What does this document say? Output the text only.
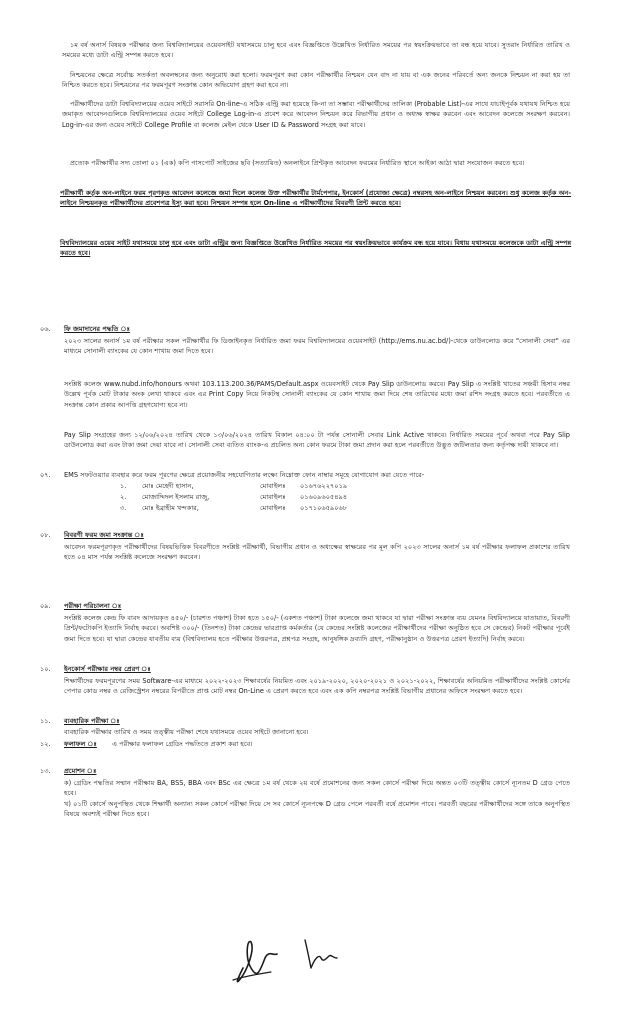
১ম বর্ষ অনার্স বিষয়ক পরীক্ষার জন্য বিশ্ববিদ্যালয়ের ওয়েবসাইট যথাসময়ে চালু হবে এবং বিজ্ঞপ্তিতে উল্লেখিত নির্ধারিত সময়ের পর স্বয়ংক্রিয়ভাবে তা বন্ধ হয়ে যাবে। সুতরাং নির্ধারিত তারিখ ও সময়ের মধ্যে ডাটা এন্ট্রি সম্পন্ন করতে হবে।

নিশ্চয়নের ক্ষেত্রে সর্বোচ্চ সতর্কতা অবলম্বনের জন্য অনুরোধ করা হলো। ফরমপূরণ করা কোন পরীক্ষার্থীর নিশ্চয়ন যেন বাদ না যায় বা এক জনের পরিবর্তে অন্য জনকে নিশ্চয়ন না করা হয় তা নিশ্চিত করতে হবে। নিশ্চয়নের পর ফরমপূরণ সংক্রান্ত কোন অভিযোগ গ্রহণ করা হবে না।

পরীক্ষার্থীদের ডাটা বিশ্ববিদ্যালয়ের ওয়েব সাইটে সরাসরি On-line-এ সঠিক এন্ট্রি করা হয়েছে কি-না তা সম্ভাব্য পরীক্ষার্থীদের তালিকা (Probable List)-এর সাথে যাচাইপূর্বক যথাযথ নিশ্চিত হয়ে জমাকৃত আবেদনগুলিকে বিশ্ববিদ্যালয়ের ওয়েব সাইটে College Log-in-এ প্রবেশ করে আবেদন নিশ্চয়ন করে বিভাগীয় প্রধান ও অধ্যক্ষ স্বাক্ষর করবেন এবং আবেদন কলেজে সংরক্ষণ করবেন। Log-in-এর জন্য ওয়েব সাইটে College Profile বা কলেজ মেইল থেকে User ID & Password সংগ্রহ করা যাবে।

প্রত্যেক পরীক্ষার্থীর সদ্য তোলা ০১ (এক) কপি পাসপোর্ট সাইজের ছবি (সত্যায়িত) অনলাইনে প্রিন্টকৃত আবেদন ফরমের নির্ধারিত স্থানে আইকা আঠা দ্বারা সংযোজন করতে হবে।

পরীক্ষার্থী কর্তৃক অন-লাইনে ফরম পূরণকৃত আবেদন কলেজে জমা দিলে কলেজ উক্ত পরীক্ষার্থীর টার্মপেপার, ইনকোর্স (প্রযোজ্য ক্ষেত্রে) নম্বরসহ অন-লাইনে নিশ্চয়ন করবেন। শুধু কলেজ কর্তৃক অন-লাইনে নিশ্চয়নকৃত পরীক্ষার্থীদের প্রবেশপত্র ইস্যু করা হবে। নিশ্চয়ন সম্পন্ন হলে On-line এ পরীক্ষার্থীদের বিবরণী প্রিন্ট করতে হবে।
বিশ্ববিদ্যালয়ের ওয়েব সাইট যথাসময়ে চালু হবে এবং ডাটা এন্ট্রির জন্য বিজ্ঞপ্তিতে উল্লেখিত নির্ধারিত সময়ের পর স্বয়ংক্রিয়ভাবে কার্যক্রম বন্ধ হয়ে যাবে। বিধায় যথাসময়ে কলেজকে ডাটা এন্ট্রি সম্পন্ন করতে হবে।
০৬.	ফি জমাদানের পদ্ধতি ঃ
২০২৩ সালের অনার্স ১ম বর্ষ পরীক্ষার সকল পরীক্ষার্থীর ফি ডিজাইনকৃত নির্ধারিত জমা ফরম বিশ্ববিদ্যালয়ের ওয়েবসাইট (http://ems.nu.ac.bd/)-থেকে ডাউনলোড করে "সোনালী সেবা" এর মাধ্যমে সোনালী ব্যাংকের যে কোন শাখায় জমা দিতে হবে।
সংশ্লিষ্ট কলেজ www.nubd.info/honours অথবা 103.113.200.36/PAMS/Default.aspx ওয়েবসাইট থেকে Pay Slip ডাউনলোড করবে। Pay Slip এ সংশ্লিষ্ট খাতের সঞ্চয়ী হিসাব নম্বর উল্লেখ পূর্বক মোট টাকার অংক লেখা থাকবে এবং এর Print Copy নিয়ে নিকটস্থ সোনালী ব্যাংকের যে কোন শাখায় জমা দিয়ে শেষ তারিখের মধ্যে জমা রশিদ সংগ্রহ করতে হবে। পরবর্তীতে এ সংক্রান্ত কোন প্রকার আপত্তি গ্রহণযোগ্য হবে না।
Pay Slip সংগ্রহের জন্য ১২/০৬/২০২৪ তারিখ থেকে ১৩/০৬/২০২৪ তারিখ বিকাল ০৪:০০ টা পর্যন্ত সোনালী সেবার Link Active থাকবে। নির্ধারিত সময়ের পূর্বে অথবা পরে Pay Slip ডাউনলোড করা এবং টাকা জমা দেয়া যাবে না। সোনালী সেবা ব্যতিত ব্যাংক-এ প্রচলিত অন্য কোন ফরমে টাকা জমা প্রদান করা হলে পরবর্তীতে উদ্ভূত জটিলতার জন্য কর্তৃপক্ষ দায়ী থাকবে না।
০৭.	EMS সফটওয়্যার ব্যবহার করে ফরম পূরণের ক্ষেত্রে প্রয়োজনীয় সহযোগিতার লক্ষ্যে নিম্নোক্ত ফোন নাম্বার সমূহে যোগাযোগ করা যেতে পারে-
১.	মোঃ মেহেদী হাসান,	মোবাইলঃ	০১৬৭৬২২৭০১৯
২.	মোজাদ্দিদল ইসলাম রাজু,	মোবাইলঃ	০১৬০৯৬০৫৪৯৪
৩.	মোঃ ইব্রাহীম খন্দকার,	মোবাইলঃ	০১৭১০৬৫৯০৬৮
০৮.	বিবরণী ফরম জমা সংক্রান্ত ঃ
আবেদন ফরমপূরণকৃত পরীক্ষার্থীদের বিষয়ভিত্তিক বিবরণীতে সংশ্লিষ্ট পরীক্ষার্থী, বিভাগীয় প্রধান ও অধ্যক্ষের স্বাক্ষরের পর মূল কপি ২০২৩ সালের অনার্স ১ম বর্ষ পরীক্ষার ফলাফল প্রকাশের তারিখ হতে ০৪ মাস পর্যন্ত সংশ্লিষ্ট কলেজে সংরক্ষণ করবেন।
০৯.	পরীক্ষা পরিচালনা ঃ
সংশ্লিষ্ট কলেজ কেন্দ্র ফি বাবদ আদায়কৃত ৪৫০/- (চারশত পঞ্চাশ) টাকা হতে ১৫০/- (একশত পঞ্চাশ) টাকা কলেজে জমা থাকবে যা দ্বারা পরীক্ষা সংক্রান্ত ব্যয় যেমনঃ বিশ্ববিদ্যালয়ে যাতায়াত, বিবরণী প্রিন্ট/ফটোকপি ইত্যাদি নির্বাহ করবে। অবশিষ্ট ৩০০/- (তিনশত) টাকা কেন্দ্রের ভারপ্রাপ্ত কর্মকর্তার (যে কেন্দ্রের সংশ্লিষ্ট কলেজের পরীক্ষার্থীদের পরীক্ষা অনুষ্ঠিত হবে সে কেন্দ্রের) নিকট পরীক্ষার পূর্বেই জমা দিতে হবে। যা দ্বারা কেন্দ্রের যাবতীয় ব্যয় (বিশ্ববিদ্যালয় হতে পরীক্ষার উত্তরপত্র, প্রশ্নপত্র সংগ্রহ, আনুষঙ্গিক দ্রব্যাদি গ্রহণ, পরীক্ষানুষ্ঠান ও উত্তরপত্র প্রেরণ ইত্যাদি) নির্বাহ করবে।
১০.	ইনকোর্স পরীক্ষার নম্বর প্রেরণ ঃ
শিক্ষার্থীদের ফরমপূরণের সময় Software-এর মাধ্যমে ২০২২-২০২৩ শিক্ষাবর্ষের নিয়মিত এবং ২০১৯-২০২০, ২০২০-২০২১ ও ২০২১-২০২২, শিক্ষাবর্ষের অনিয়মিত পরীক্ষার্থীদের সংশ্লিষ্ট কোর্সের পেপার কোড নম্বর ও রেজিস্ট্রেশন নম্বরের বিপরীতে প্রাপ্ত মোট নম্বর On-Line এ প্রেরণ করতে হবে এবং এক কপি নম্বরপত্র সংশ্লিষ্ট বিভাগীয় প্রধানের অফিসে সংরক্ষণ করতে হবে।
১১.	ব্যবহারিক পরীক্ষা ঃ
ব্যবহারিক পরীক্ষার তারিখ ও সময় তত্ত্বীয় পরীক্ষা শেষে যথাসময়ে ওয়েব সাইটে জানানো হবে।
১২.	ফলাফল ঃ এ পরীক্ষার ফলাফল গ্রেডিং পদ্ধতিতে প্রকাশ করা হবে।
১৩.	প্রমোশন ঃ
ক) গ্রেডিং পদ্ধতির সম্মান পরীক্ষায় BA, BSS, BBA এবং BSc এর ক্ষেত্রে ১ম বর্ষ থেকে ২য় বর্ষে প্রমোশনের জন্য সকল কোর্সে পরীক্ষা দিয়ে অন্তত ০৩টি তত্ত্বীয় কোর্সে ন্যূনতম D গ্রেড পেতে হবে।
খ) ০১টি কোর্সে অনুপস্থিত থেকে শিক্ষার্থী অন্যান্য সকল কোর্সে পরীক্ষা দিয়ে সে সব কোর্সে ন্যূনপক্ষে D গ্রেড পেলে পরবর্তী বর্ষে প্রমোশন পাবে। পরবর্তী বছরের পরীক্ষার্থীদের সঙ্গে তাকে অনুপস্থিত বিষয়ে অবশ্যই পরীক্ষা দিতে হবে।
